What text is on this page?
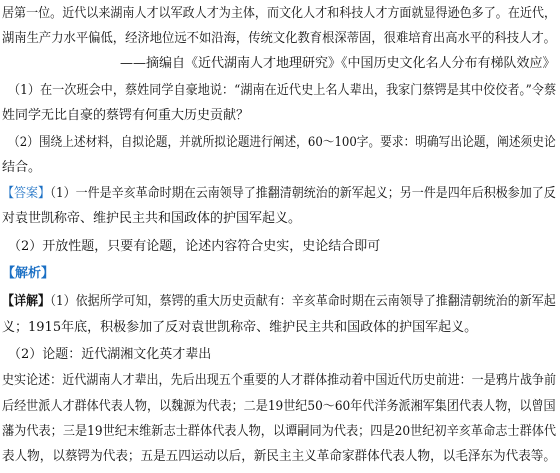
居第一位。近代以来湖南人才以军政人才为主体，而文化人才和科技人才方面就显得逊色多了。在近代，
湖南生产力水平偏低，经济地位远不如沿海，传统文化教育根深蒂固，很难培育出高水平的科技人才。
——摘编自《近代湖南人才地理研究》《中国历史文化名人分布有梯队效应》
（1）在一次班会中，蔡姓同学自豪地说：“湖南在近代史上名人辈出，我家门蔡锷是其中佼佼者。”令蔡
姓同学无比自豪的蔡锷有何重大历史贡献？
（2）围绕上述材料，自拟论题，并就所拟论题进行阐述，60～100字。要求：明确写出论题，阐述须史论
结合。
【答案】（1）一件是辛亥革命时期在云南领导了推翻清朝统治的新军起义；另一件是四年后积极参加了反
对袁世凯称帝、维护民主共和国政体的护国军起义。
（2）开放性题，只要有论题，论述内容符合史实，史论结合即可
【解析】
【详解】（1）依据所学可知，蔡锷的重大历史贡献有：辛亥革命时期在云南领导了推翻清朝统治的新军起
义；1915年底，积极参加了反对袁世凯称帝、维护民主共和国政体的护国军起义。
（2）论题：近代湖湘文化英才辈出
史实论述：近代湖南人才辈出，先后出现五个重要的人才群体推动着中国近代历史前进：一是鸦片战争前
后经世派人才群体代表人物，以魏源为代表；二是19世纪50～60年代洋务派湘军集团代表人物，以曾国
藩为代表；三是19世纪末维新志士群体代表人物，以谭嗣同为代表；四是20世纪初辛亥革命志士群体代
表人物，以蔡锷为代表；五是五四运动以后，新民主主义革命家群体代表人物，以毛泽东为代表等。
